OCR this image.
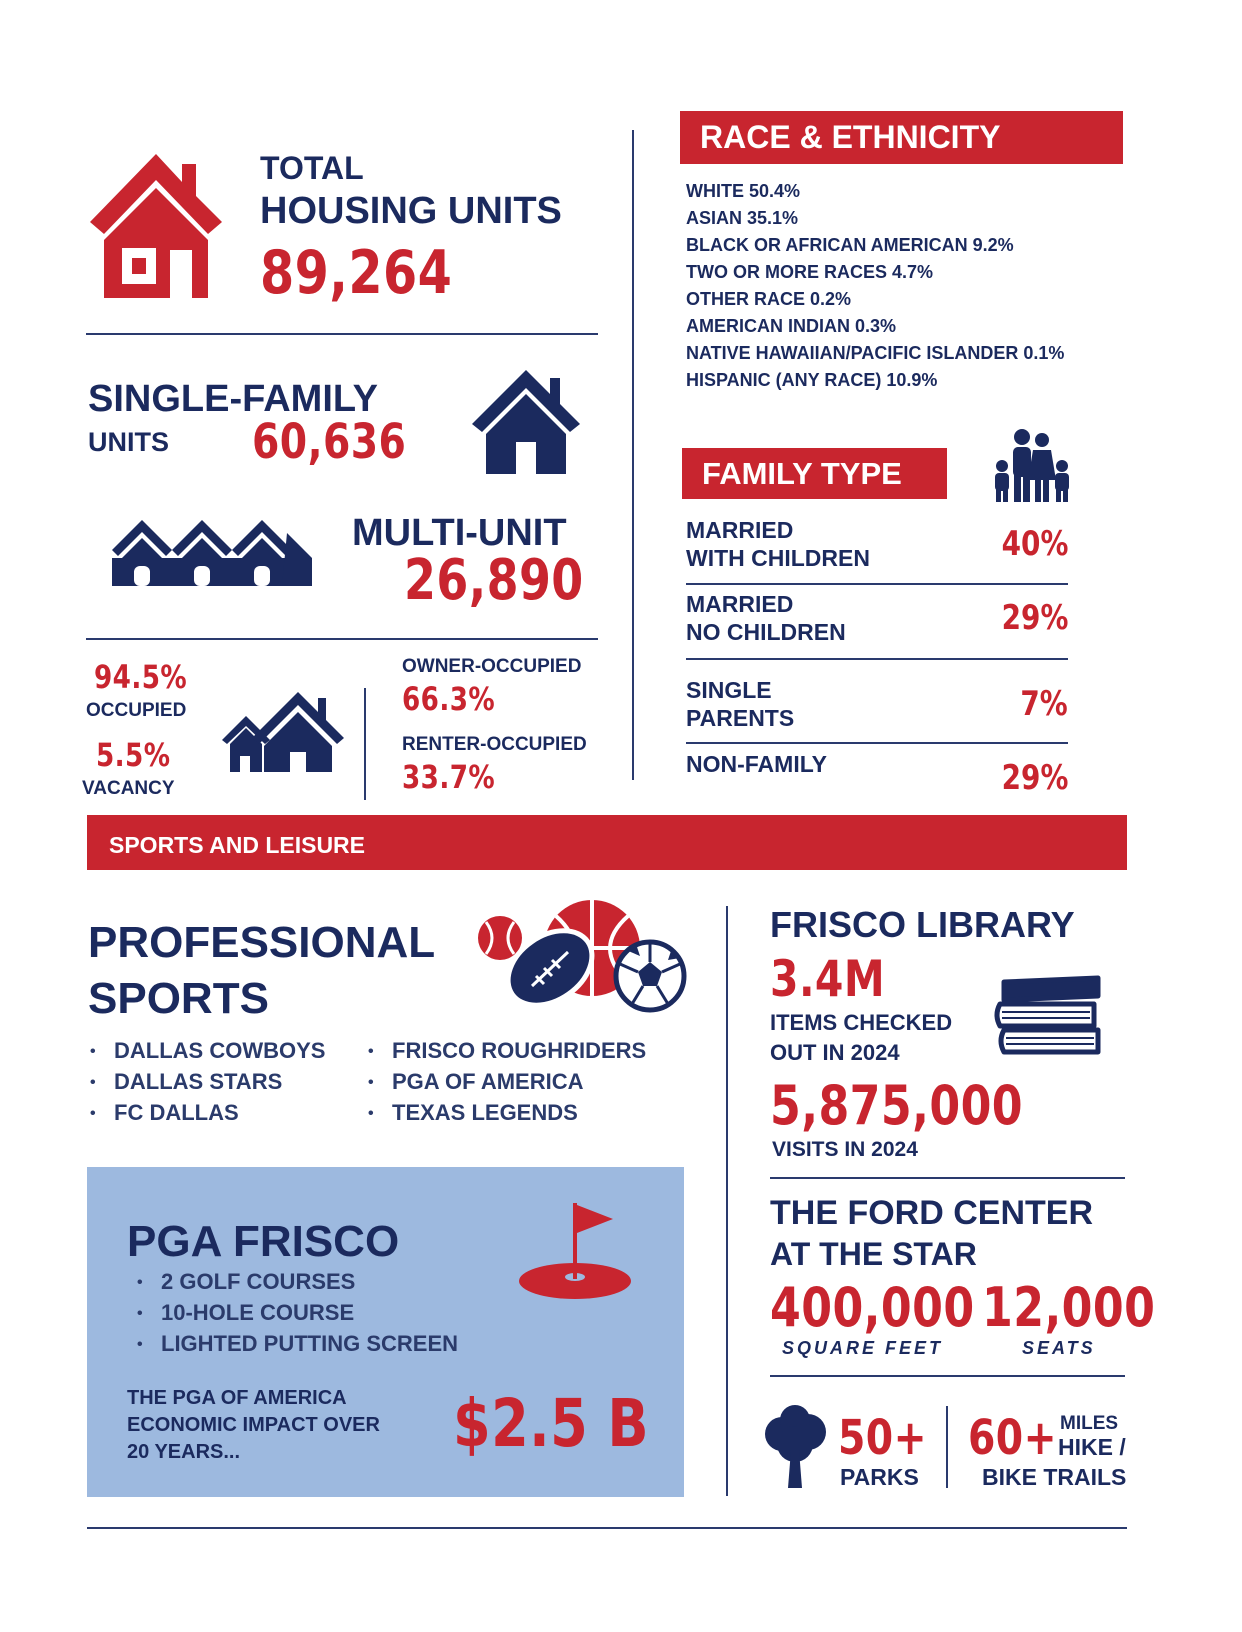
TOTAL
HOUSING UNITS
89,264
SINGLE-FAMILY
UNITS 60,636
MULTI-UNIT
26,890
94.5%
OCCUPIED
5.5%
VACANCY
OWNER-OCCUPIED
66.3%
RENTER-OCCUPIED
33.7%
RACE & ETHNICITY
WHITE 50.4%
ASIAN 35.1%
BLACK OR AFRICAN AMERICAN 9.2%
TWO OR MORE RACES 4.7%
OTHER RACE 0.2%
AMERICAN INDIAN 0.3%
NATIVE HAWAIIAN/PACIFIC ISLANDER 0.1%
HISPANIC (ANY RACE) 10.9%
FAMILY TYPE
MARRIED
WITH CHILDREN	40%
MARRIED
NO CHILDREN	29%
SINGLE
PARENTS	7%
NON-FAMILY	29%
SPORTS AND LEISURE
PROFESSIONAL
SPORTS
• DALLAS COWBOYS
• DALLAS STARS
• FC DALLAS
• FRISCO ROUGHRIDERS
• PGA OF AMERICA
• TEXAS LEGENDS
PGA FRISCO
• 2 GOLF COURSES
• 10-HOLE COURSE
• LIGHTED PUTTING SCREEN
THE PGA OF AMERICA
ECONOMIC IMPACT OVER
20 YEARS...	$2.5 B
FRISCO LIBRARY
3.4M
ITEMS CHECKED
OUT IN 2024
5,875,000
VISITS IN 2024
THE FORD CENTER
AT THE STAR
400,000
SQUARE FEET
12,000
SEATS
50+
PARKS
60+ MILES
HIKE /
BIKE TRAILS
